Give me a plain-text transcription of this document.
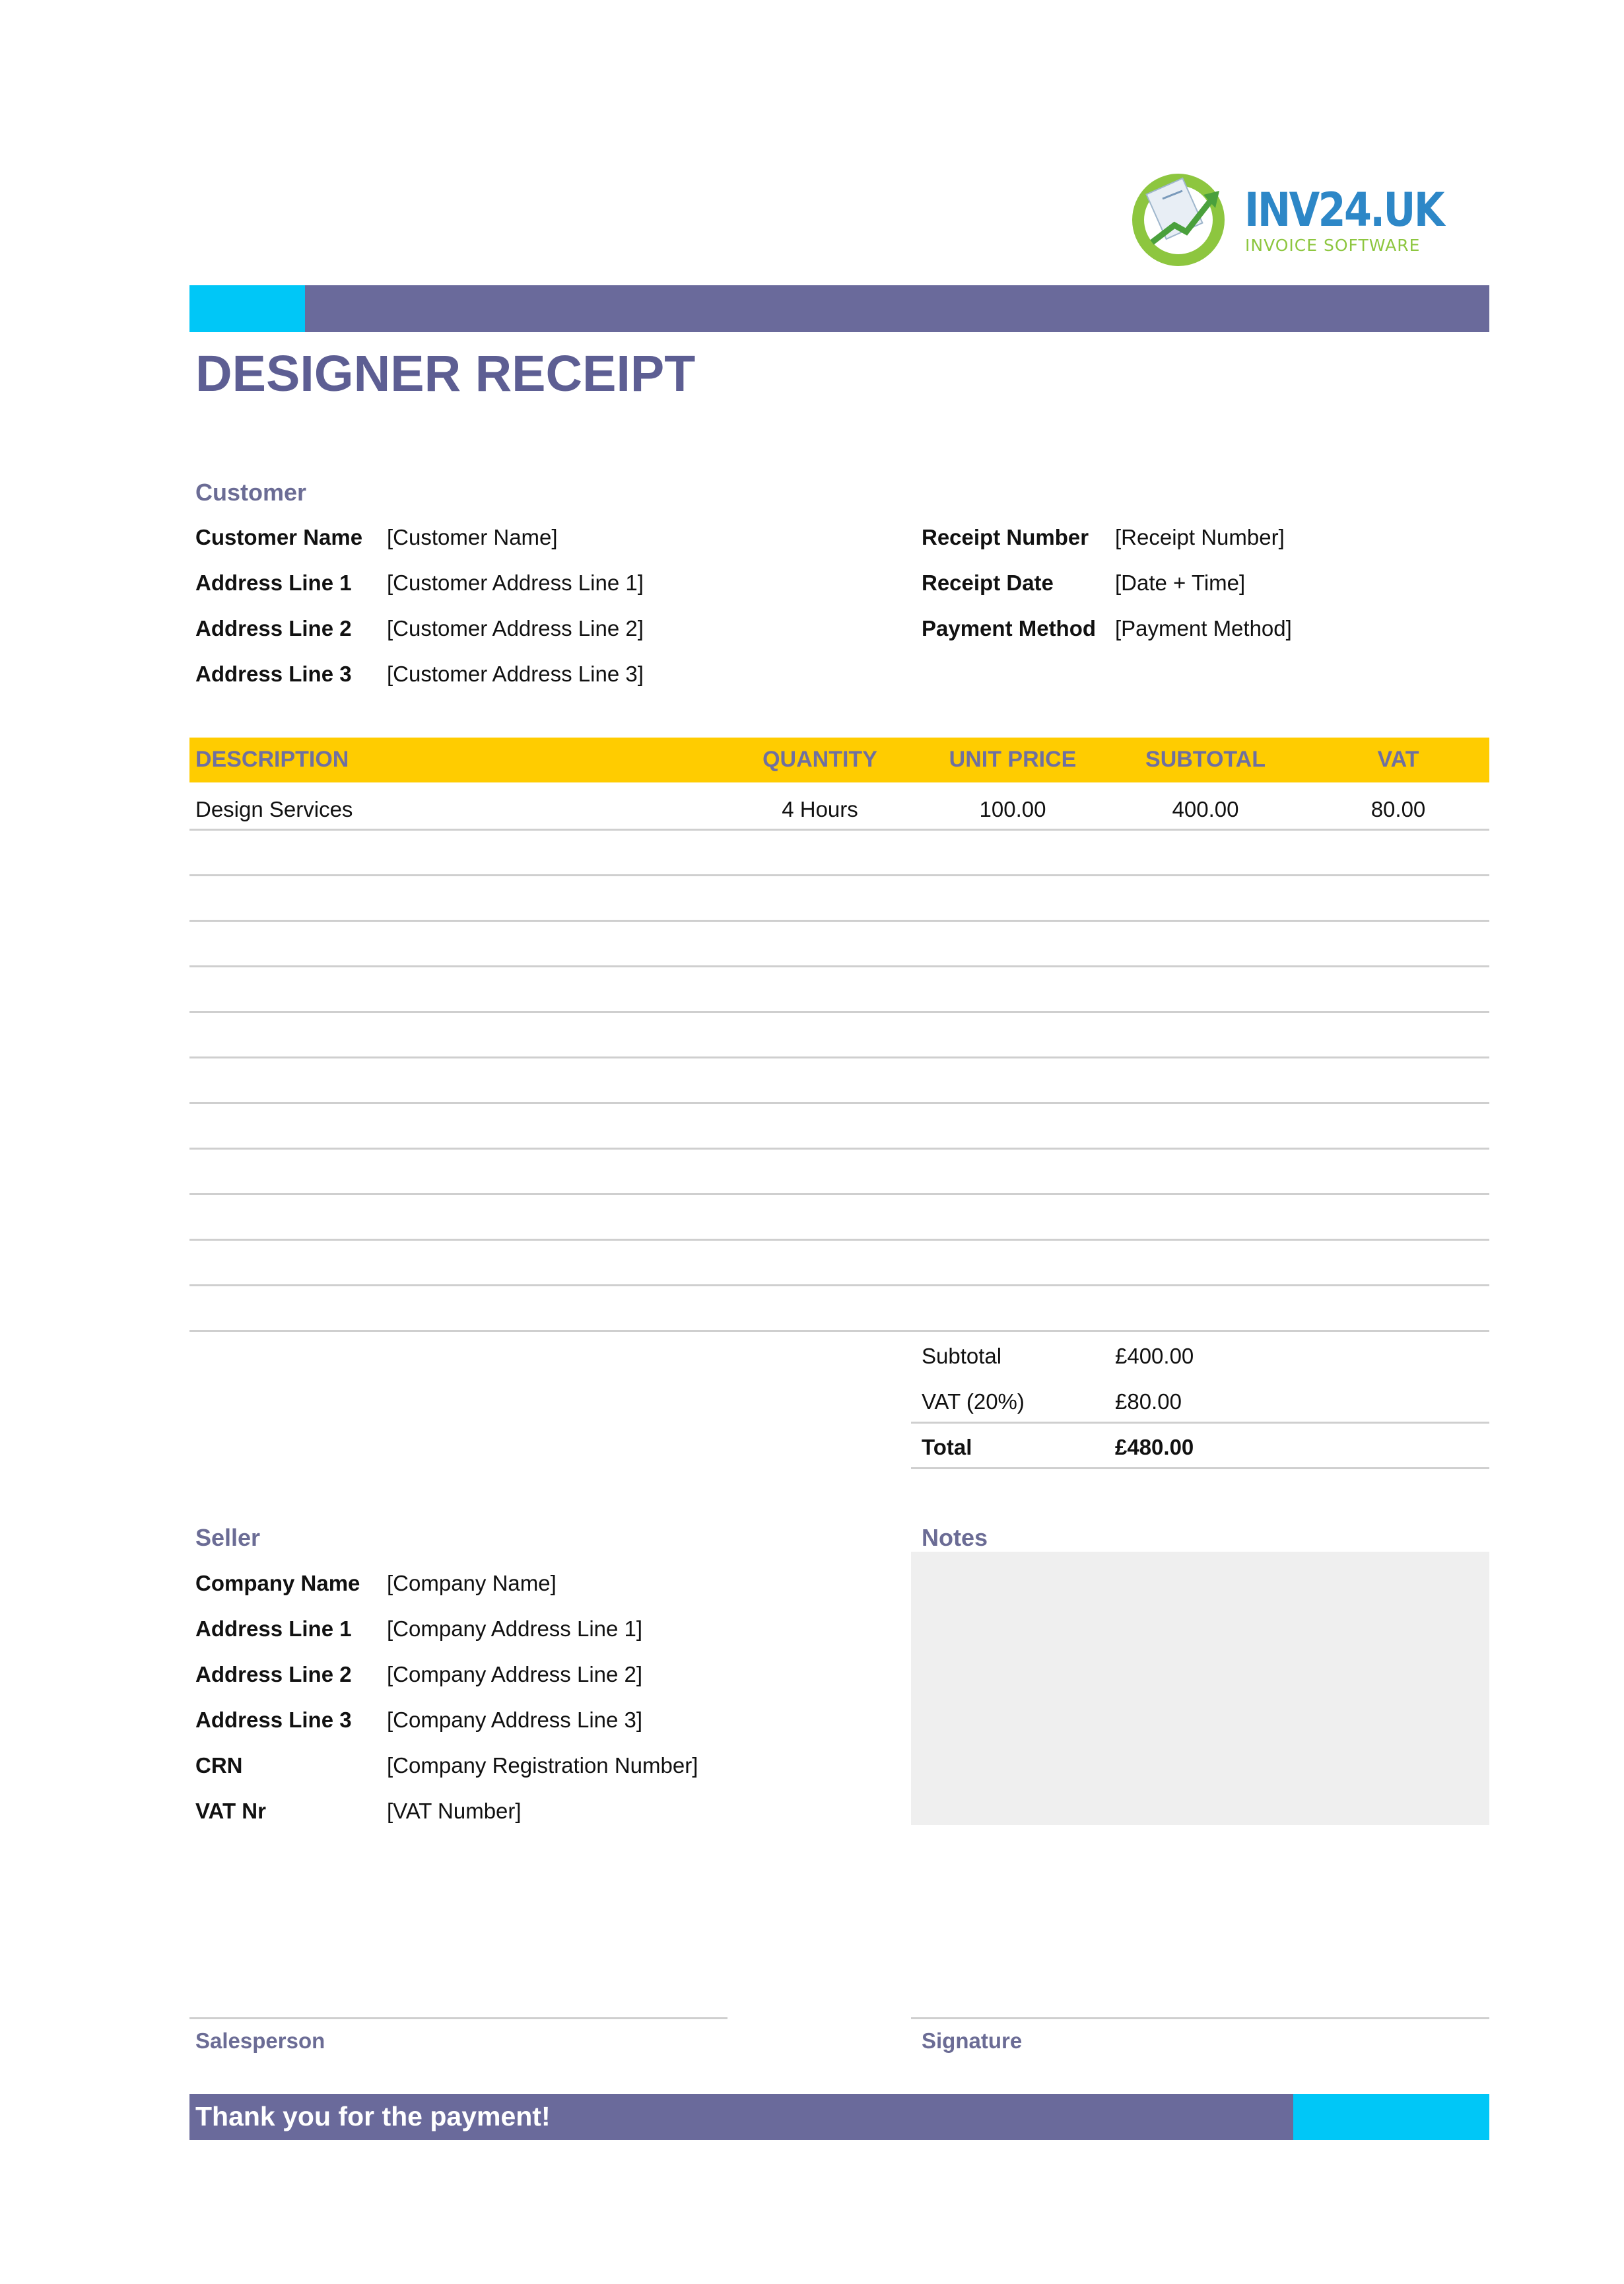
INV24.UK
INVOICE SOFTWARE
DESIGNER RECEIPT
Customer
Customer Name [Customer Name]
Address Line 1 [Customer Address Line 1]
Address Line 2 [Customer Address Line 2]
Address Line 3 [Customer Address Line 3]
Receipt Number [Receipt Number]
Receipt Date	[Date + Time]
Payment Method [Payment Method]
DESCRIPTION	QUANTITY	UNIT PRICE	SUBTOTAL	VAT
Design Services	4 Hours	100.00	400.00	80.00
Subtotal	£400.00
VAT (20%)	£80.00
Total	£480.00
Seller
Company Name [Company Name]
Address Line 1 [Company Address Line 1]
Address Line 2 [Company Address Line 2]
Address Line 3 [Company Address Line 3]
CRN	[Company Registration Number]
VAT Nr	[VAT Number]
Notes
Salesperson	Signature
Thank you for the payment!
